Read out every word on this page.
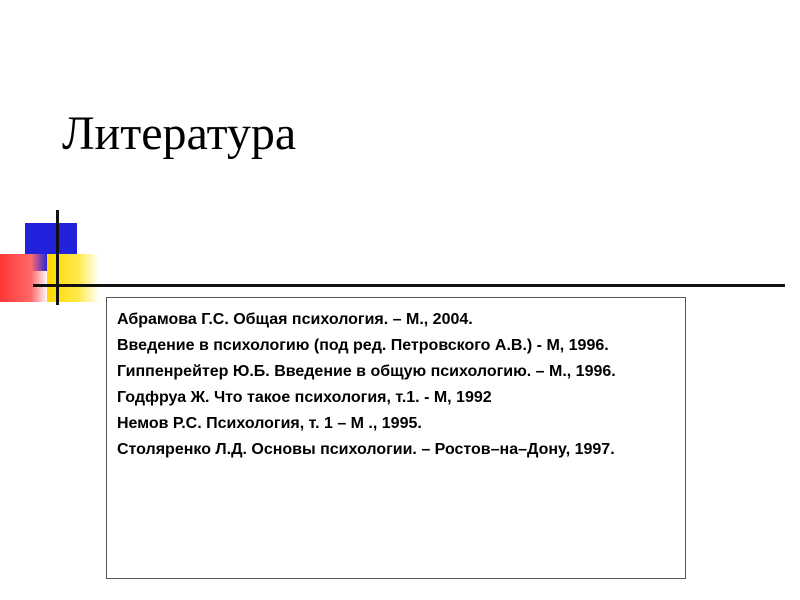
Литература
Абрамова Г.С. Общая психология. – М., 2004.
Введение в психологию (под ред. Петровского А.В.) - М, 1996.
Гиппенрейтер Ю.Б. Введение в общую психологию. – М., 1996.
Годфруа Ж. Что такое психология, т.1. - М, 1992
Немов Р.С. Психология, т. 1 – М ., 1995.
Столяренко Л.Д. Основы психологии. – Ростов–на–Дону, 1997.
